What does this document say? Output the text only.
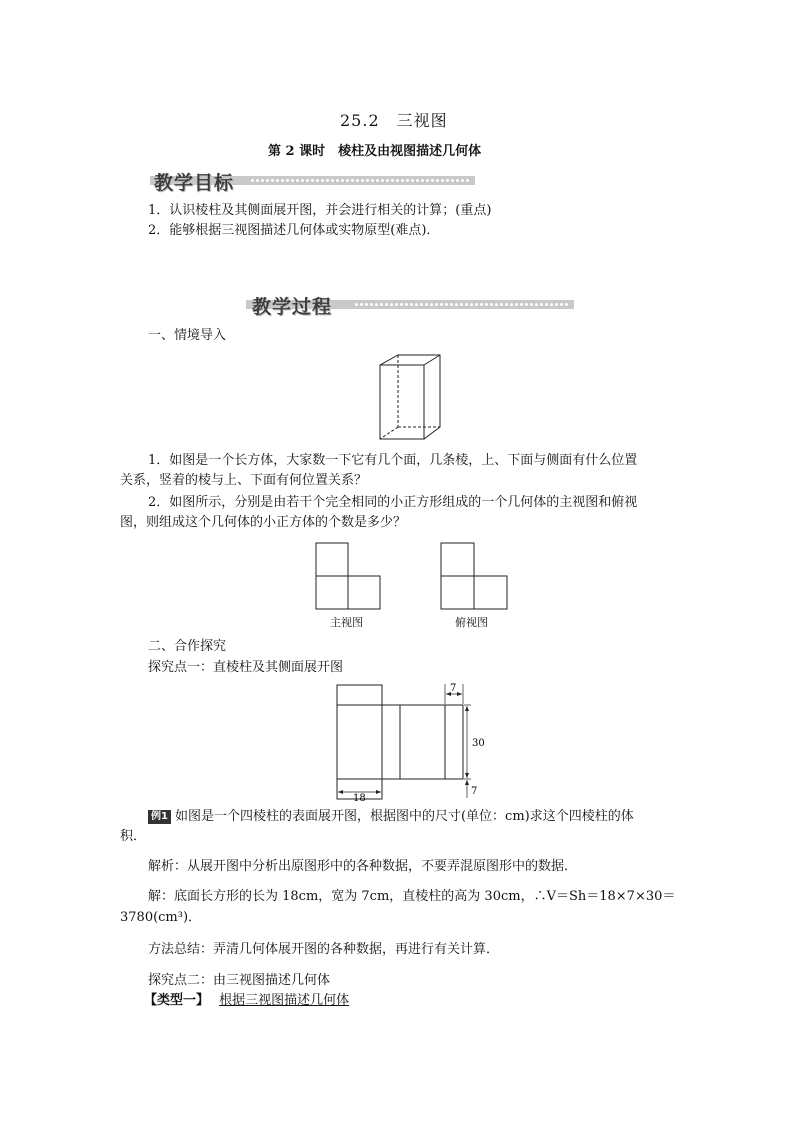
25.2　三视图
第 2 课时　棱柱及由视图描述几何体
教学目标
1．认识棱柱及其侧面展开图，并会进行相关的计算；(重点)
2．能够根据三视图描述几何体或实物原型(难点)．
教学过程
一、情境导入
1．如图是一个长方体，大家数一下它有几个面，几条棱，上、下面与侧面有什么位置
关系，竖着的棱与上、下面有何位置关系？
2．如图所示，分别是由若干个完全相同的小正方形组成的一个几何体的主视图和俯视
图，则组成这个几何体的小正方体的个数是多少？
主视图	俯视图
二、合作探究
探究点一：直棱柱及其侧面展开图
7
30
7
18
例1 如图是一个四棱柱的表面展开图，根据图中的尺寸(单位：cm)求这个四棱柱的体
积．
解析：从展开图中分析出原图形中的各种数据，不要弄混原图形中的数据．
解：底面长方形的长为 18cm，宽为 7cm，直棱柱的高为 30cm，∴V＝Sh＝18×7×30＝
3780(cm³)．
方法总结：弄清几何体展开图的各种数据，再进行有关计算．
探究点二：由三视图描述几何体
【类型一】 根据三视图描述几何体
